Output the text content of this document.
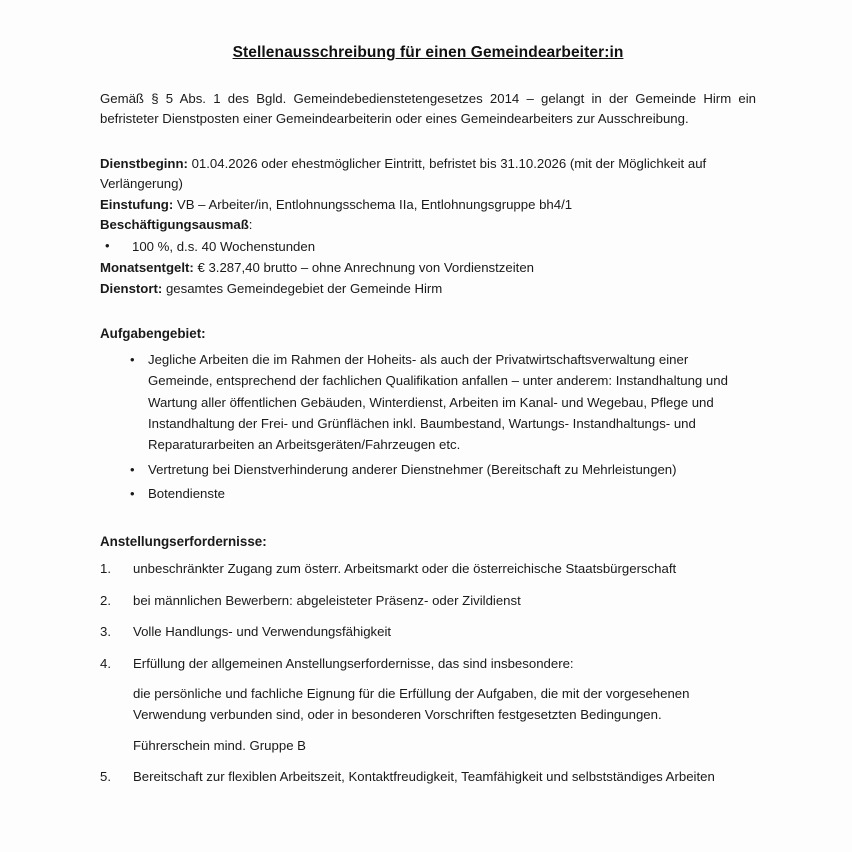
Stellenausschreibung für einen Gemeindearbeiter:in

Gemäß § 5 Abs. 1 des Bgld. Gemeindebedienstetengesetzes 2014 – gelangt in der Gemeinde Hirm ein befristeter Dienstposten einer Gemeindearbeiterin oder eines Gemeindearbeiters zur Ausschreibung.

Dienstbeginn: 01.04.2026 oder ehestmöglicher Eintritt, befristet bis 31.10.2026 (mit der Möglichkeit auf Verlängerung)
Einstufung: VB – Arbeiter/in, Entlohnungsschema IIa, Entlohnungsgruppe bh4/1
Beschäftigungsausmaß:
•	100 %, d.s. 40 Wochenstunden
Monatsentgelt: € 3.287,40 brutto – ohne Anrechnung von Vordienstzeiten
Dienstort: gesamtes Gemeindegebiet der Gemeinde Hirm
Aufgabengebiet:
•	Jegliche Arbeiten die im Rahmen der Hoheits- als auch der Privatwirtschaftsverwaltung einer Gemeinde, entsprechend der fachlichen Qualifikation anfallen – unter anderem: Instandhaltung und Wartung aller öffentlichen Gebäuden, Winterdienst, Arbeiten im Kanal- und Wegebau, Pflege und Instandhaltung der Frei- und Grünflächen inkl. Baumbestand, Wartungs- Instandhaltungs- und Reparaturarbeiten an Arbeitsgeräten/Fahrzeugen etc.
•	Vertretung bei Dienstverhinderung anderer Dienstnehmer (Bereitschaft zu Mehrleistungen)
•	Botendienste
Anstellungserfordernisse:
1.	unbeschränkter Zugang zum österr. Arbeitsmarkt oder die österreichische Staatsbürgerschaft

2.	bei männlichen Bewerbern: abgeleisteter Präsenz- oder Zivildienst

3.	Volle Handlungs- und Verwendungsfähigkeit

4.	Erfüllung der allgemeinen Anstellungserfordernisse, das sind insbesondere:

die persönliche und fachliche Eignung für die Erfüllung der Aufgaben, die mit der vorgesehenen Verwendung verbunden sind, oder in besonderen Vorschriften festgesetzten Bedingungen.

Führerschein mind. Gruppe B

5.	Bereitschaft zur flexiblen Arbeitszeit, Kontaktfreudigkeit, Teamfähigkeit und selbstständiges Arbeiten
